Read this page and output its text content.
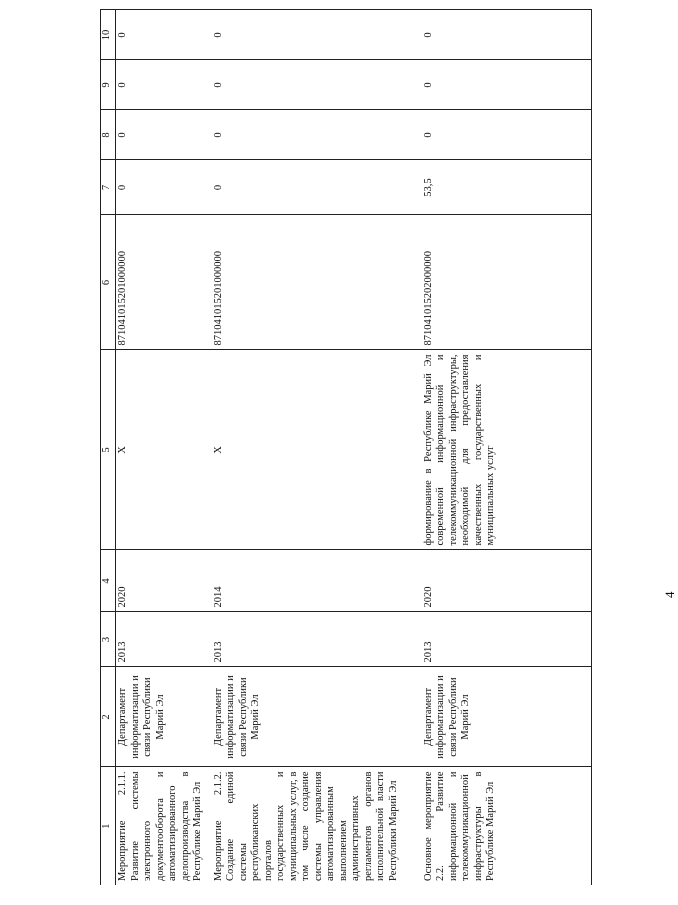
4
1	2	3	4	5	6	7	8	9	10
Мероприятие 2.1.1. Развитие системы электронного документооборота и автоматизированного делопроизводства в Республике Марий Эл	Департамент информатизации и связи Республики Марий Эл	2013	2020	X	871041015201000000	0	0	0	0
Мероприятие 2.1.2. Создание единой системы республиканских порталов государственных и муниципальных услуг, в том числе создание системы управления автоматизированным выполнением административных регламентов органов исполнительной власти Республики Марий Эл	Департамент информатизации и связи Республики Марий Эл	2013	2014	X	871041015201000000	0	0	0	0
Основное мероприятие 2.2. Развитие информационной и телекоммуникационной инфраструктуры в Республике Марий Эл	Департамент информатизации и связи Республики Марий Эл	2013	2020	формирование в Республике Марий Эл современной информационной и телекоммуникационной инфраструктуры, необходимой для предоставления качественных государственных и муниципальных услуг	871041015202000000	53,5	0	0	0
